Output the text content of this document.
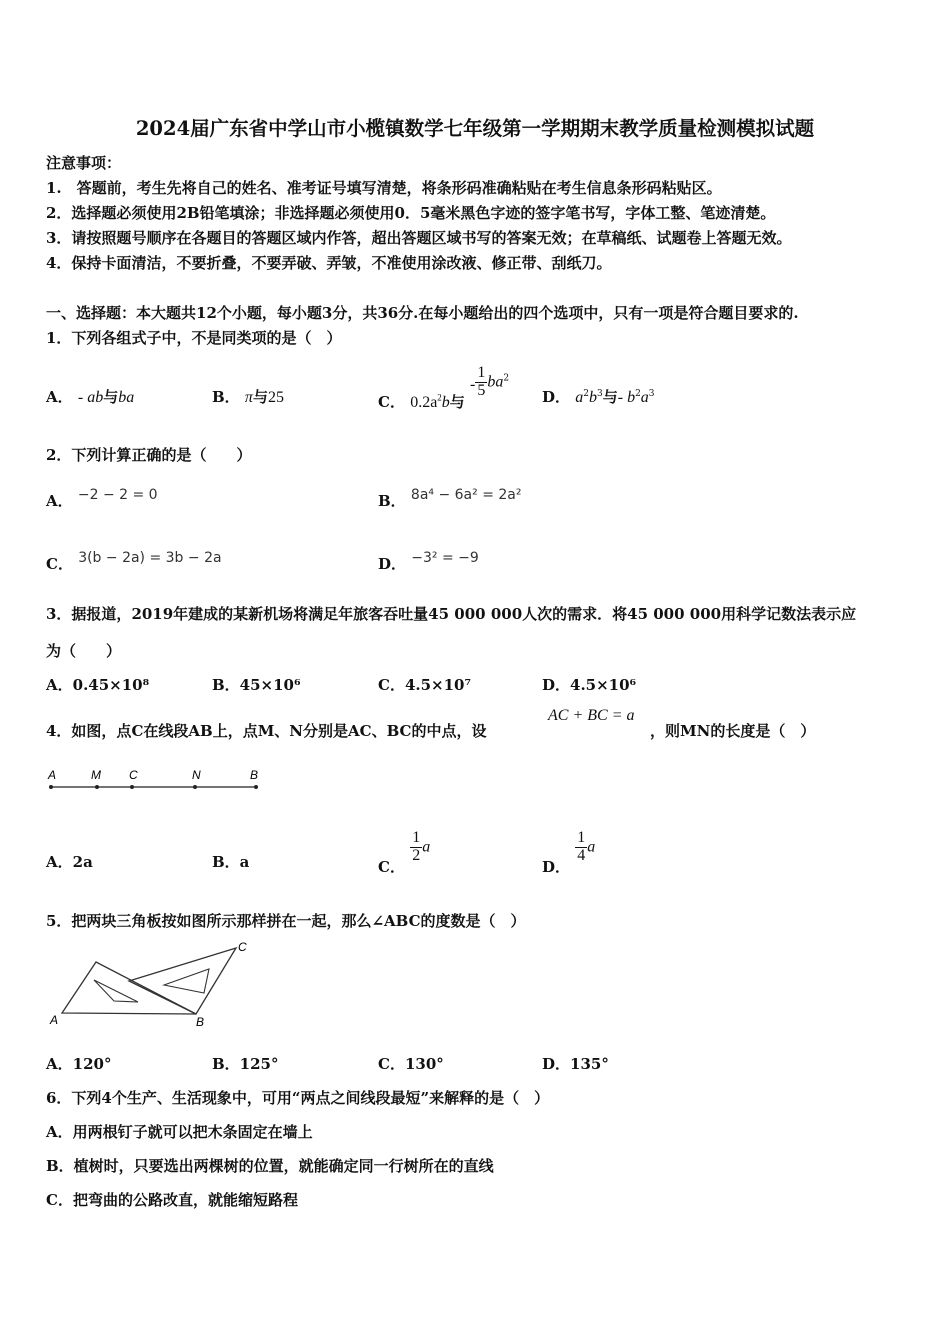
2024届广东省中学山市小榄镇数学七年级第一学期期末教学质量检测模拟试题
注意事项：
1.　答题前，考生先将自己的姓名、准考证号填写清楚，将条形码准确粘贴在考生信息条形码粘贴区。
2．选择题必须使用2B铅笔填涂；非选择题必须使用0．5毫米黑色字迹的签字笔书写，字体工整、笔迹清楚。
3．请按照题号顺序在各题目的答题区域内作答，超出答题区域书写的答案无效；在草稿纸、试题卷上答题无效。
4．保持卡面清洁，不要折叠，不要弄破、弄皱，不准使用涂改液、修正带、刮纸刀。
一、选择题：本大题共12个小题，每小题3分，共36分.在每小题给出的四个选项中，只有一项是符合题目要求的.
1．下列各组式子中，不是同类项的是（　）
A． - ab与ba	B． π与25	C． $0.2a^2b$与 - $\frac{1}{5} ba^2$
D． $a^2b^3$与- $b^2a^3$
2．下列计算正确的是（　　）
A． −2 − 2 = 0	B． 8a⁴ − 6a² = 2a²
C． 3(b − 2a) = 3b − 2a	D． −3² = −9
3．据报道，2019年建成的某新机场将满足年旅客吞吐量45 000 000人次的需求．将45 000 000用科学记数法表示应
为（　　）
A．0.45×10⁸	B．45×10⁶	C．4.5×10⁷	D．4.5×10⁶
4．如图，点C在线段AB上，点M、N分别是AC、BC的中点，设
AC + BC = a
，则MN的长度是（　）
A	M C	N	B
A．2a	B．a	C．
$\frac{1}{2}$ a
D．
$\frac{1}{4}$ a
5．把两块三角板按如图所示那样拼在一起，那么∠ABC的度数是（　）
A	B
C
A．120°	B．125°	C．130°	D．135°
6．下列4个生产、生活现象中，可用“两点之间线段最短”来解释的是（　）
A．用两根钉子就可以把木条固定在墙上
B．植树时，只要选出两棵树的位置，就能确定同一行树所在的直线
C．把弯曲的公路改直，就能缩短路程
